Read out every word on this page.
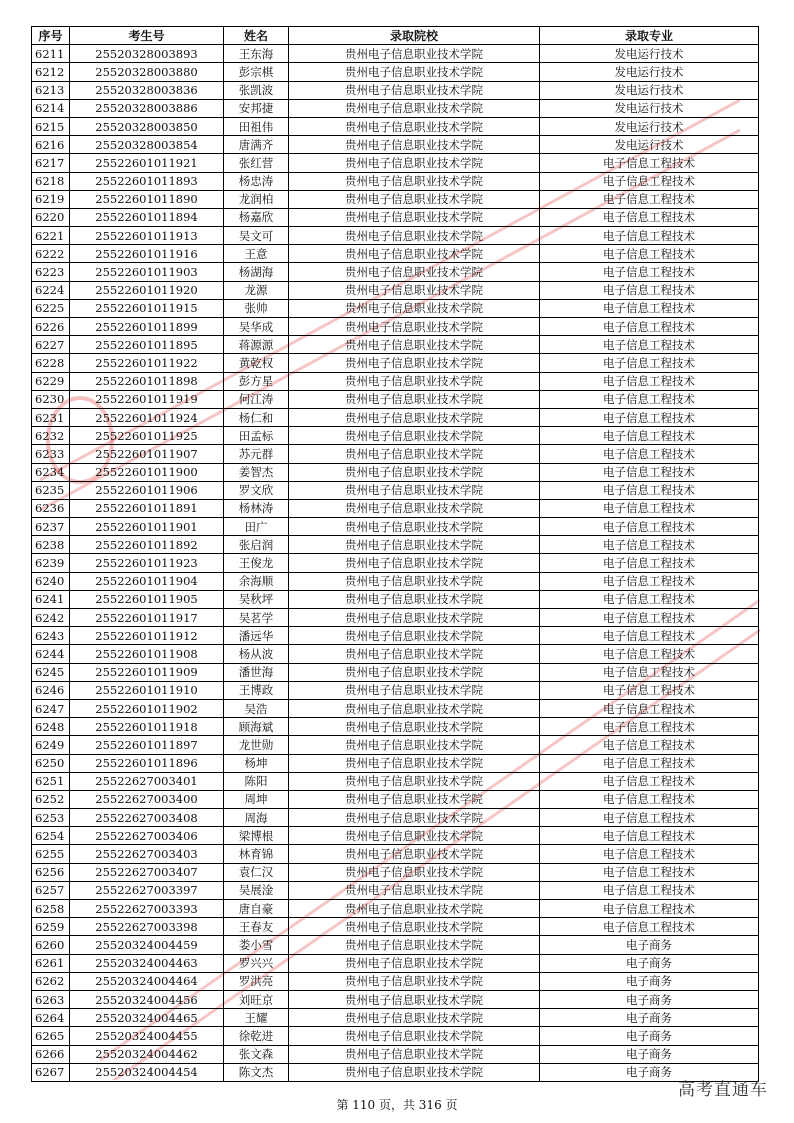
序号	考生号	姓名	录取院校	录取专业
6211	25520328003893	王东海	贵州电子信息职业技术学院	发电运行技术
6212	25520328003880	彭宗棋	贵州电子信息职业技术学院	发电运行技术
6213	25520328003836	张凯波	贵州电子信息职业技术学院	发电运行技术
6214	25520328003886	安邦捷	贵州电子信息职业技术学院	发电运行技术
6215	25520328003850	田祖伟	贵州电子信息职业技术学院	发电运行技术
6216	25520328003854	唐满齐	贵州电子信息职业技术学院	发电运行技术
6217	25522601011921	张红营	贵州电子信息职业技术学院	电子信息工程技术
6218	25522601011893	杨忠涛	贵州电子信息职业技术学院	电子信息工程技术
6219	25522601011890	龙润柏	贵州电子信息职业技术学院	电子信息工程技术
6220	25522601011894	杨嘉欣	贵州电子信息职业技术学院	电子信息工程技术
6221	25522601011913	吴文可	贵州电子信息职业技术学院	电子信息工程技术
6222	25522601011916	王意	贵州电子信息职业技术学院	电子信息工程技术
6223	25522601011903	杨湖海	贵州电子信息职业技术学院	电子信息工程技术
6224	25522601011920	龙源	贵州电子信息职业技术学院	电子信息工程技术
6225	25522601011915	张帅	贵州电子信息职业技术学院	电子信息工程技术
6226	25522601011899	吴华成	贵州电子信息职业技术学院	电子信息工程技术
6227	25522601011895	蒋源源	贵州电子信息职业技术学院	电子信息工程技术
6228	25522601011922	黄乾权	贵州电子信息职业技术学院	电子信息工程技术
6229	25522601011898	彭方星	贵州电子信息职业技术学院	电子信息工程技术
6230	25522601011919	何江涛	贵州电子信息职业技术学院	电子信息工程技术
6231	25522601011924	杨仁和	贵州电子信息职业技术学院	电子信息工程技术
6232	25522601011925	田孟标	贵州电子信息职业技术学院	电子信息工程技术
6233	25522601011907	苏元群	贵州电子信息职业技术学院	电子信息工程技术
6234	25522601011900	姜智杰	贵州电子信息职业技术学院	电子信息工程技术
6235	25522601011906	罗文欣	贵州电子信息职业技术学院	电子信息工程技术
6236	25522601011891	杨林涛	贵州电子信息职业技术学院	电子信息工程技术
6237	25522601011901	田广	贵州电子信息职业技术学院	电子信息工程技术
6238	25522601011892	张启润	贵州电子信息职业技术学院	电子信息工程技术
6239	25522601011923	王俊龙	贵州电子信息职业技术学院	电子信息工程技术
6240	25522601011904	余海顺	贵州电子信息职业技术学院	电子信息工程技术
6241	25522601011905	吴秋坪	贵州电子信息职业技术学院	电子信息工程技术
6242	25522601011917	吴茗学	贵州电子信息职业技术学院	电子信息工程技术
6243	25522601011912	潘远华	贵州电子信息职业技术学院	电子信息工程技术
6244	25522601011908	杨从波	贵州电子信息职业技术学院	电子信息工程技术
6245	25522601011909	潘世海	贵州电子信息职业技术学院	电子信息工程技术
6246	25522601011910	王博政	贵州电子信息职业技术学院	电子信息工程技术
6247	25522601011902	吴浩	贵州电子信息职业技术学院	电子信息工程技术
6248	25522601011918	顾海斌	贵州电子信息职业技术学院	电子信息工程技术
6249	25522601011897	龙世勋	贵州电子信息职业技术学院	电子信息工程技术
6250	25522601011896	杨坤	贵州电子信息职业技术学院	电子信息工程技术
6251	25522627003401	陈阳	贵州电子信息职业技术学院	电子信息工程技术
6252	25522627003400	周坤	贵州电子信息职业技术学院	电子信息工程技术
6253	25522627003408	周海	贵州电子信息职业技术学院	电子信息工程技术
6254	25522627003406	梁博根	贵州电子信息职业技术学院	电子信息工程技术
6255	25522627003403	林育锦	贵州电子信息职业技术学院	电子信息工程技术
6256	25522627003407	袁仁汉	贵州电子信息职业技术学院	电子信息工程技术
6257	25522627003397	吴展淦	贵州电子信息职业技术学院	电子信息工程技术
6258	25522627003393	唐自豪	贵州电子信息职业技术学院	电子信息工程技术
6259	25522627003398	王春友	贵州电子信息职业技术学院	电子信息工程技术
6260	25520324004459	娄小雪	贵州电子信息职业技术学院	电子商务
6261	25520324004463	罗兴兴	贵州电子信息职业技术学院	电子商务
6262	25520324004464	罗洪亮	贵州电子信息职业技术学院	电子商务
6263	25520324004456	刘旺京	贵州电子信息职业技术学院	电子商务
6264	25520324004465	王耀	贵州电子信息职业技术学院	电子商务
6265	25520324004455	徐乾进	贵州电子信息职业技术学院	电子商务
6266	25520324004462	张文森	贵州电子信息职业技术学院	电子商务
6267	25520324004454	陈文杰	贵州电子信息职业技术学院	电子商务
第 110 页，共 316 页
高考直通车
